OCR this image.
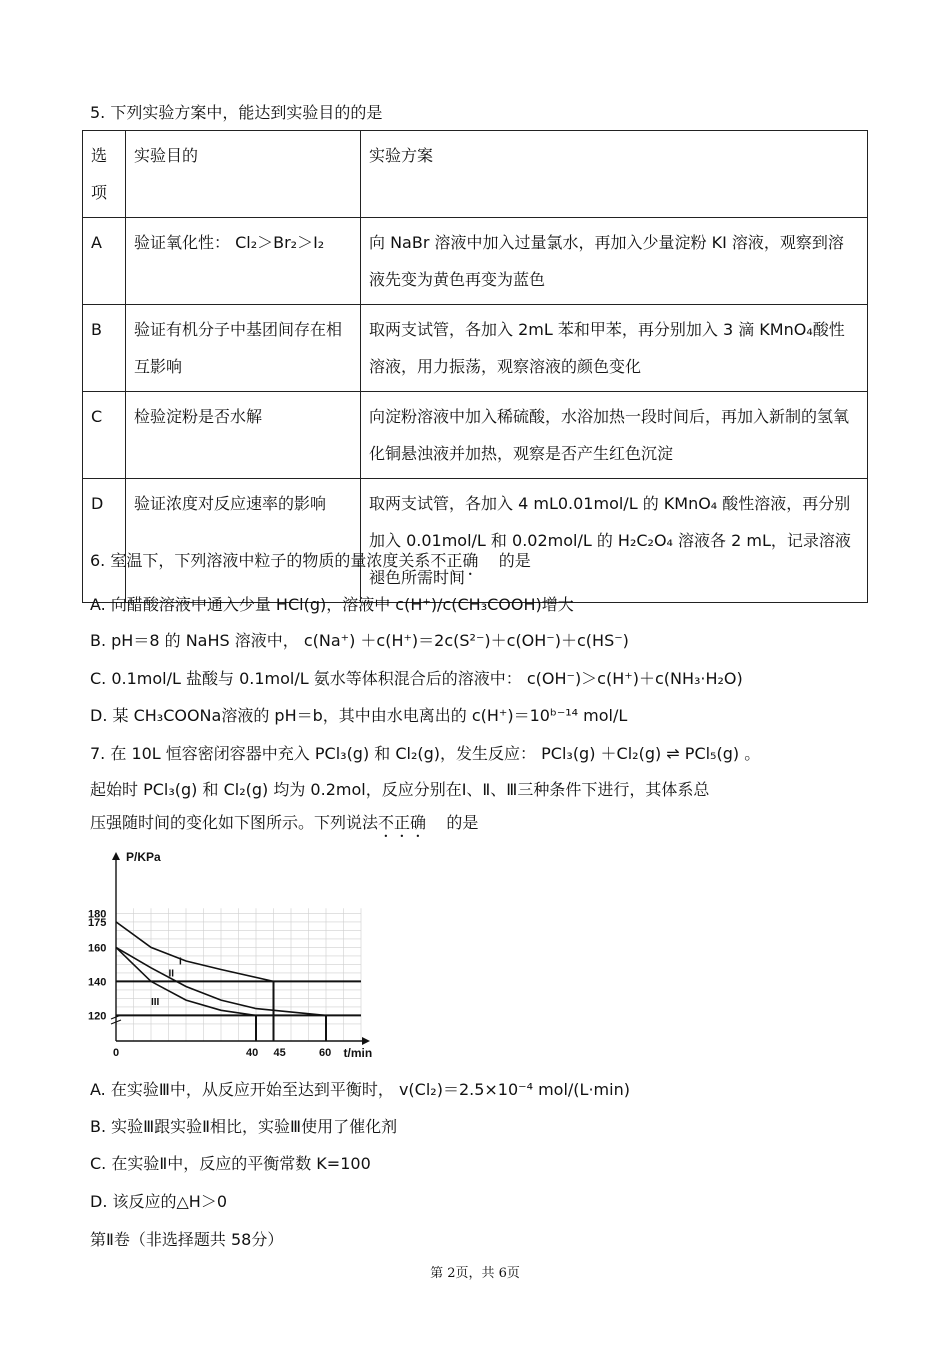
5. 下列实验方案中，能达到实验目的的是
选项	实验目的	实验方案
A	验证氧化性： Cl₂＞Br₂＞I₂	向 NaBr 溶液中加入过量氯水，再加入少量淀粉 KI 溶液，观察到溶液先变为黄色再变为蓝色
B	验证有机分子中基团间存在相互影响	取两支试管，各加入 2mL 苯和甲苯，再分别加入 3 滴 KMnO₄酸性溶液，用力振荡，观察溶液的颜色变化
C	检验淀粉是否水解	向淀粉溶液中加入稀硫酸，水浴加热一段时间后，再加入新制的氢氧化铜悬浊液并加热，观察是否产生红色沉淀
D	验证浓度对反应速率的影响	取两支试管，各加入 4 mL0.01mol/L 的 KMnO₄ 酸性溶液，再分别加入 0.01mol/L 和 0.02mol/L 的 H₂C₂O₄ 溶液各 2 mL，记录溶液褪色所需时间
6. 室温下，下列溶液中粒子的物质的量浓度关系不正确 的是
A. 向醋酸溶液中通入少量 HCl(g)，溶液中 c(H⁺)/c(CH₃COOH)增大
B. pH＝8 的 NaHS 溶液中， c(Na⁺) ＋c(H⁺)＝2c(S²⁻)＋c(OH⁻)＋c(HS⁻)
C. 0.1mol/L 盐酸与 0.1mol/L 氨水等体积混合后的溶液中： c(OH⁻)＞c(H⁺)＋c(NH₃·H₂O)
D. 某 CH₃COONa溶液的 pH＝b，其中由水电离出的 c(H⁺)＝10ᵇ⁻¹⁴ mol/L
7. 在 10L 恒容密闭容器中充入 PCl₃(g) 和 Cl₂(g)，发生反应： PCl₃(g) ＋Cl₂(g) ⇌ PCl₅(g) 。
起始时 PCl₃(g) 和 Cl₂(g) 均为 0.2mol，反应分别在Ⅰ、Ⅱ、Ⅲ三种条件下进行，其体系总
压强随时间的变化如下图所示。下列说法不正确 的是
I
II
III
120
140
160
175
180
0	40 45	60
P/KPa
t/min
A. 在实验Ⅲ中，从反应开始至达到平衡时， v(Cl₂)＝2.5×10⁻⁴ mol/(L·min)
B. 实验Ⅲ跟实验Ⅱ相比，实验Ⅲ使用了催化剂
C. 在实验Ⅱ中，反应的平衡常数 K=100
D. 该反应的△H＞0
第Ⅱ卷（非选择题共 58分）
第 2页，共 6页
